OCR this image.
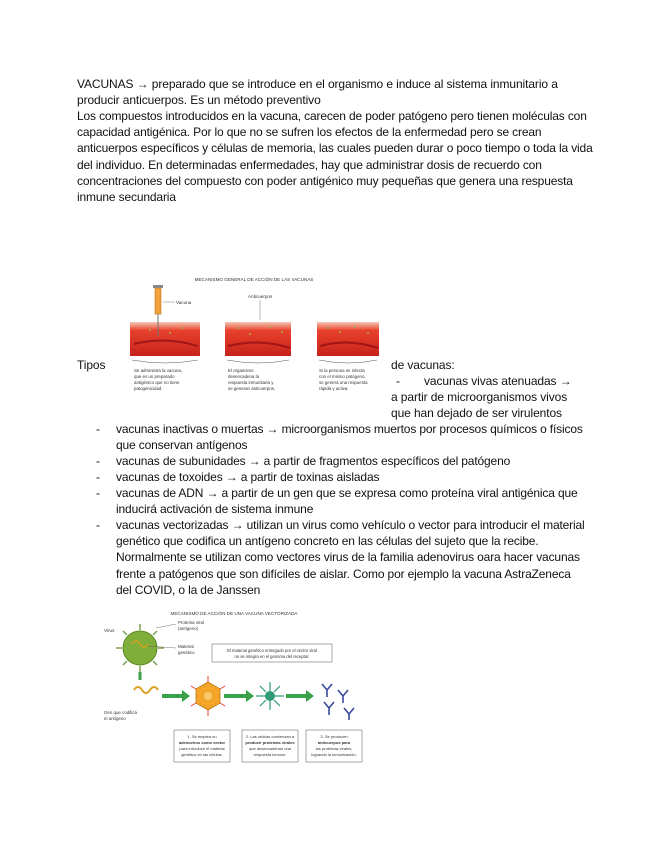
VACUNAS → preparado que se introduce en el organismo e induce al sistema inmunitario a
producir anticuerpos. Es un método preventivo
Los compuestos introducidos en la vacuna, carecen de poder patógeno pero tienen moléculas con capacidad antigénica. Por lo que no se sufren los efectos de la enfermedad pero se crean anticuerpos específicos y células de memoria, las cuales pueden durar o poco tiempo o toda la vida del individuo. En determinadas enfermedades, hay que administrar dosis de recuerdo con concentraciones del compuesto con poder antigénico muy pequeñas que genera una respuesta inmune secundaria
MECANISMO GENERAL DE ACCIÓN DE LAS VACUNAS
Vacuna
Anticuerpos
Se administra la vacuna,
que es un preparado
antigénico que no tiene
patogenicidad.
El organismo
desencadena la
respuesta inmunitaria y
se generan anticuerpos.
Si la persona se infecta
con el mismo patógeno,
se genera una respuesta
rápida y activa.
Tipos	de vacunas:
- vacunas vivas atenuadas →
a partir de microorganismos vivos
que han dejado de ser virulentos
- vacunas inactivas o muertas → microorganismos muertos por procesos químicos o físicos que conservan antígenos
- vacunas de subunidades → a partir de fragmentos específicos del patógeno
- vacunas de toxoides → a partir de toxinas aisladas
- vacunas de ADN → a partir de un gen que se expresa como proteína viral antigénica que inducirá activación de sistema inmune
- vacunas vectorizadas → utilizan un virus como vehículo o vector para introducir el material genético que codifica un antígeno concreto en las células del sujeto que la recibe. Normalmente se utilizan como vectores virus de la familia adenovirus oara hacer vacunas frente a patógenos que son difíciles de aislar. Como por ejemplo la vacuna AstraZeneca del COVID, o la de Janssen
MECANISMO DE ACCIÓN DE UNA VACUNA VECTORIZADA
Virus
Proteína viral
(antígeno)
Material
genético	El material genético entregado por el vector viral
no se integra en el genoma del receptor.
Gen que codifica
el antígeno
1. Se emplea un
adenovirus como vector
para introducir el material
genético en las células.
2. Las células comienzan a
producir proteínas virales
que desencadenan una
respuesta inmune.
3. Se producen
anticuerpos para
las proteínas virales,
logrando la inmunización.
